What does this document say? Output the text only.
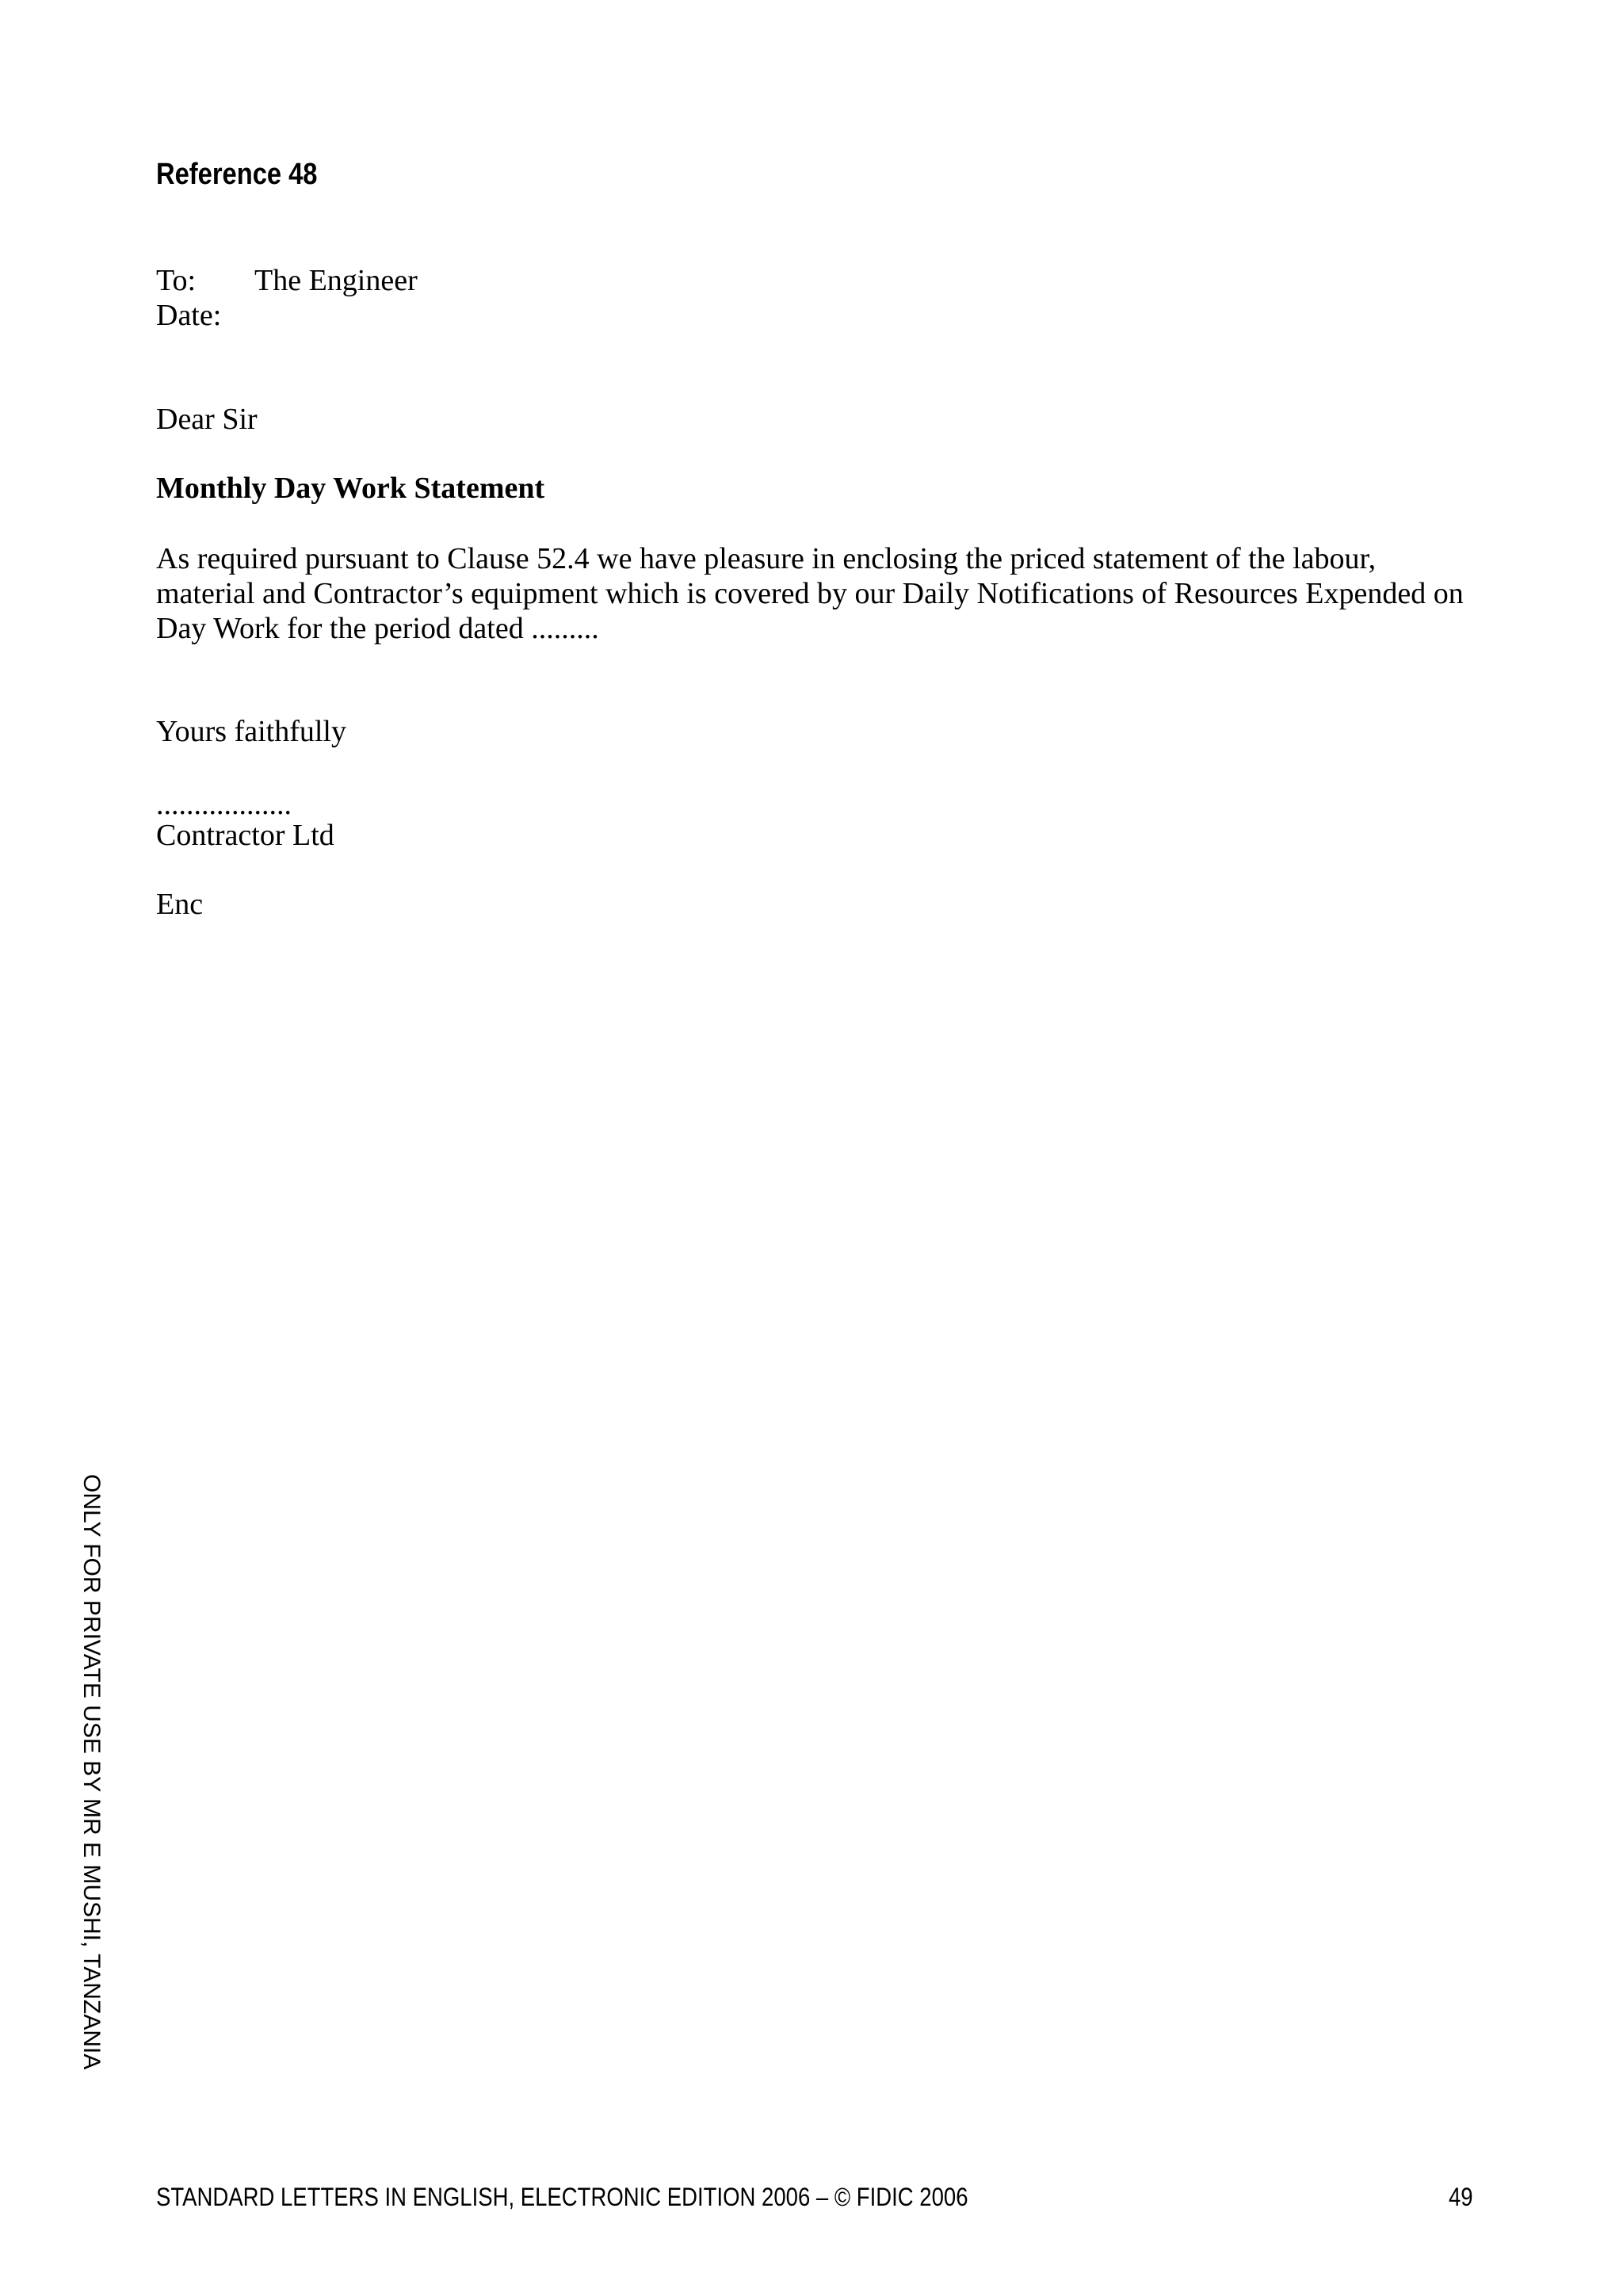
Reference 48
To:	The Engineer
Date:
Dear Sir
Monthly Day Work Statement
As required pursuant to Clause 52.4 we have pleasure in enclosing the priced statement of the labour,
material and Contractor’s equipment which is covered by our Daily Notifications of Resources Expended on
Day Work for the period dated .........
Yours faithfully
..................
Contractor Ltd
Enc
ONLY FOR PRIVATE USE BY MR E MUSHI, TANZANIA
STANDARD LETTERS IN ENGLISH, ELECTRONIC EDITION 2006 – © FIDIC 2006	49
